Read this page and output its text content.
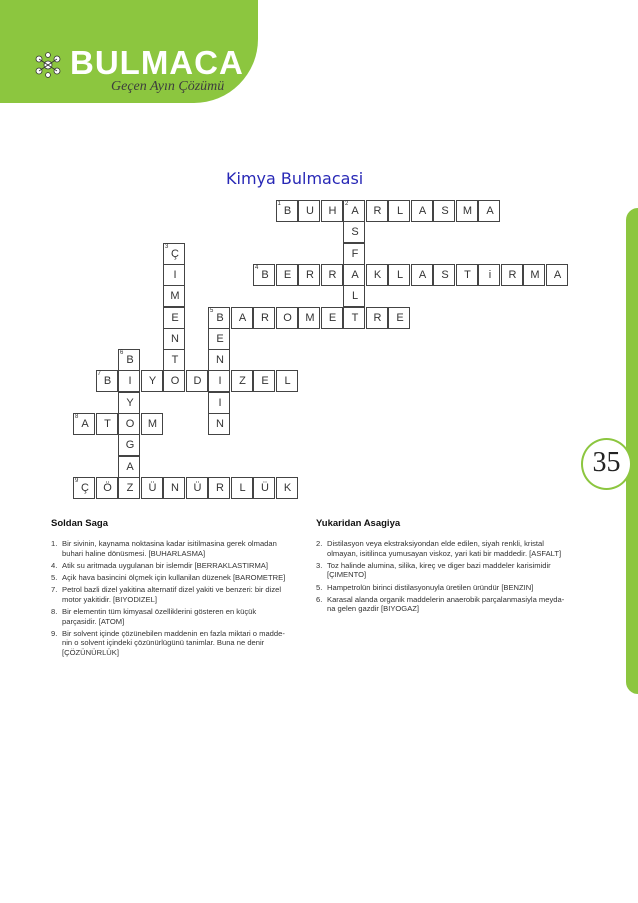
BULMACA
Geçen Ayın Çözümü
35
Kimya Bulmacasi
B
1
U	H	A
2
R	L	A	S	M	A
S
F
A
L
T
Ç
3
I
M
E
N
T
B
4
E	R	R	K	L	A	S	T	i	R	M	A
B
5
A	R	O	M	E	R	E
E
N
I
I
N
B
6
I
Y
O
G
A
Z
B
7
Y	O	D	Z	E	L
A
8
T	M
Ç
9
Ö	Ü	N	Ü	R	L	Ü	K
Soldan Saga
1. Bir sivinin, kaynama noktasina kadar isitilmasina gerek olmadan buhari haline dönüsmesi. [BUHARLASMA]
4. Atik su aritmada uygulanan bir islemdir [BERRAKLASTIRMA]
5. Açik hava basincini ölçmek için kullanilan düzenek [BAROMETRE]
7. Petrol bazli dizel yakitina alternatif dizel yakiti ve benzeri: bir dizel motor yakitidir. [BIYODIZEL]
8. Bir elementin tüm kimyasal özelliklerini gösteren en küçük parçasidir. [ATOM]
9. Bir solvent içinde çözünebilen maddenin en fazla miktari o madde-nin o solvent içindeki çözünürlügünü tanimlar. Buna ne denir [ÇÖZÜNÜRLÜK]
Yukaridan Asagiya
2. Distilasyon veya ekstraksiyondan elde edilen, siyah renkli, kristal olmayan, isitilinca yumusayan viskoz, yari kati bir maddedir. [ASFALT]
3. Toz halinde alumina, silika, kireç ve diger bazi maddeler karisimidir [ÇIMENTO]
5. Hampetrolün birinci distilasyonuyla üretilen üründür [BENZIN]
6. Karasal alanda organik maddelerin anaerobik parçalanmasiyla meyda-na gelen gazdir [BIYOGAZ]
